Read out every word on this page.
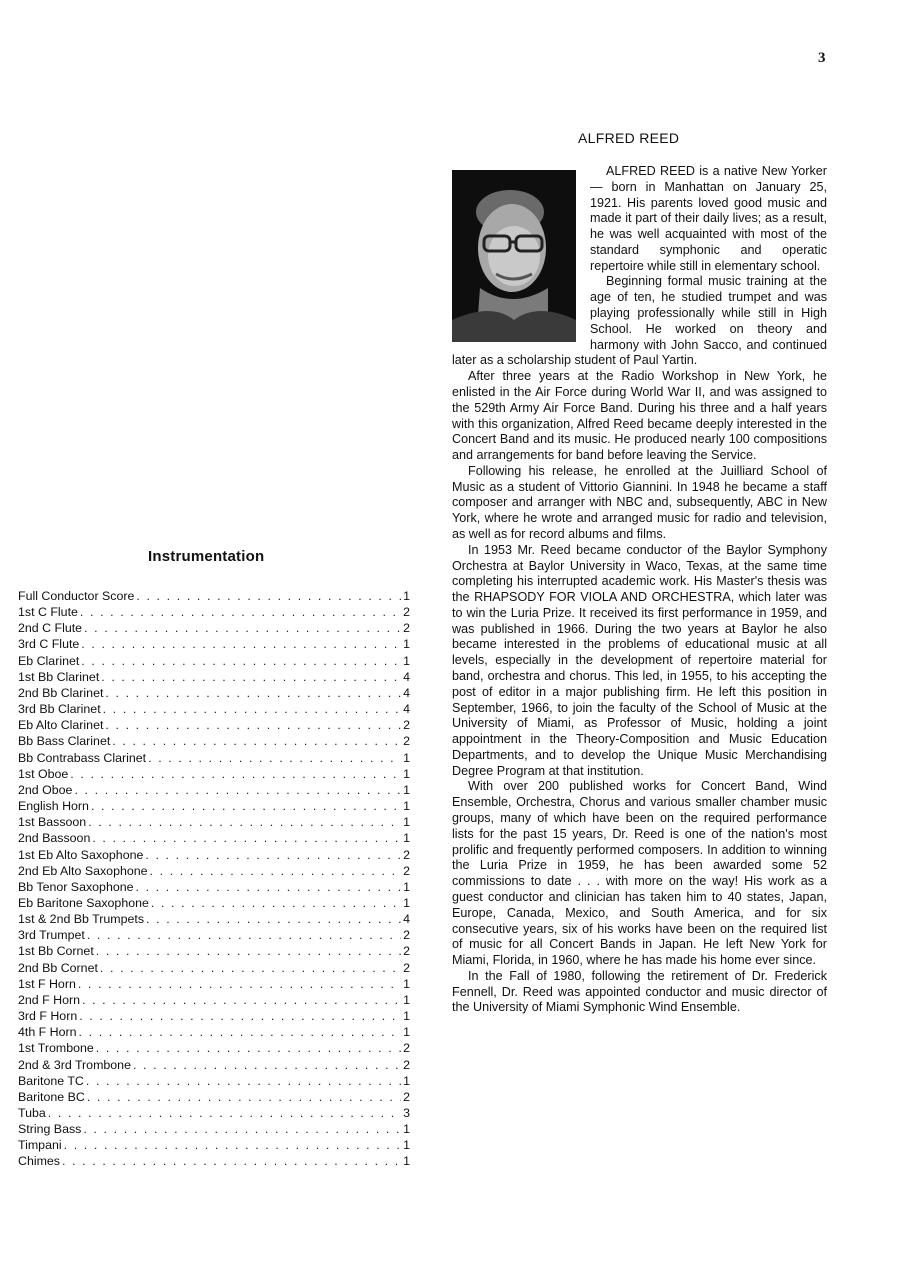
3
Instrumentation
Full Conductor Score . . .	1
1st C Flute . . .	2
2nd C Flute . . .	2
3rd C Flute . . .	1
Eb Clarinet . . .	1
1st Bb Clarinet . . .	4
2nd Bb Clarinet . . .	4
3rd Bb Clarinet . . .	4
Eb Alto Clarinet . . .	2
Bb Bass Clarinet . . .	2
Bb Contrabass Clarinet . . .	1
1st Oboe . . .	1
2nd Oboe . . .	1
English Horn . . .	1
1st Bassoon . . .	1
2nd Bassoon . . .	1
1st Eb Alto Saxophone . . .	2
2nd Eb Alto Saxophone . . .	2
Bb Tenor Saxophone . . .	1
Eb Baritone Saxophone . . .	1
1st & 2nd Bb Trumpets . . .	4
3rd Trumpet . . .	2
1st Bb Cornet . . .	2
2nd Bb Cornet . . .	2
1st F Horn . . .	1
2nd F Horn . . .	1
3rd F Horn . . .	1
4th F Horn . . .	1
1st Trombone . . .	2
2nd & 3rd Trombone . . .	2
Baritone TC . . .	1
Baritone BC . . .	2
Tuba . . .	3
String Bass . . .	1
Timpani . . .	1
Chimes . . .	1
ALFRED REED

ALFRED REED is a native New Yorker — born in Manhattan on January 25, 1921. His parents loved good music and made it part of their daily lives; as a result, he was well acquainted with most of the standard symphonic and operatic repertoire while still in elementary school.

Beginning formal music training at the age of ten, he studied trumpet and was playing professionally while still in High School. He worked on theory and harmony with John Sacco, and continued later as a scholarship student of Paul Yartin.

After three years at the Radio Workshop in New York, he enlisted in the Air Force during World War II, and was assigned to the 529th Army Air Force Band. During his three and a half years with this organization, Alfred Reed became deeply interested in the Concert Band and its music. He produced nearly 100 compositions and arrangements for band before leaving the Service.

Following his release, he enrolled at the Juilliard School of Music as a student of Vittorio Giannini. In 1948 he became a staff composer and arranger with NBC and, subsequently, ABC in New York, where he wrote and arranged music for radio and television, as well as for record albums and films.

In 1953 Mr. Reed became conductor of the Baylor Symphony Orchestra at Baylor University in Waco, Texas, at the same time completing his interrupted academic work. His Master's thesis was the RHAPSODY FOR VIOLA AND ORCHESTRA, which later was to win the Luria Prize. It received its first performance in 1959, and was published in 1966. During the two years at Baylor he also became interested in the problems of educational music at all levels, especially in the development of repertoire material for band, orchestra and chorus. This led, in 1955, to his accepting the post of editor in a major publishing firm. He left this position in September, 1966, to join the faculty of the School of Music at the University of Miami, as Professor of Music, holding a joint appointment in the Theory-Composition and Music Education Departments, and to develop the Unique Music Merchandising Degree Program at that institution.

With over 200 published works for Concert Band, Wind Ensemble, Orchestra, Chorus and various smaller chamber music groups, many of which have been on the required performance lists for the past 15 years, Dr. Reed is one of the nation's most prolific and frequently performed composers. In addition to winning the Luria Prize in 1959, he has been awarded some 52 commissions to date . . . with more on the way! His work as a guest conductor and clinician has taken him to 40 states, Japan, Europe, Canada, Mexico, and South America, and for six consecutive years, six of his works have been on the required list of music for all Concert Bands in Japan. He left New York for Miami, Florida, in 1960, where he has made his home ever since.

In the Fall of 1980, following the retirement of Dr. Frederick Fennell, Dr. Reed was appointed conductor and music director of the University of Miami Symphonic Wind Ensemble.
